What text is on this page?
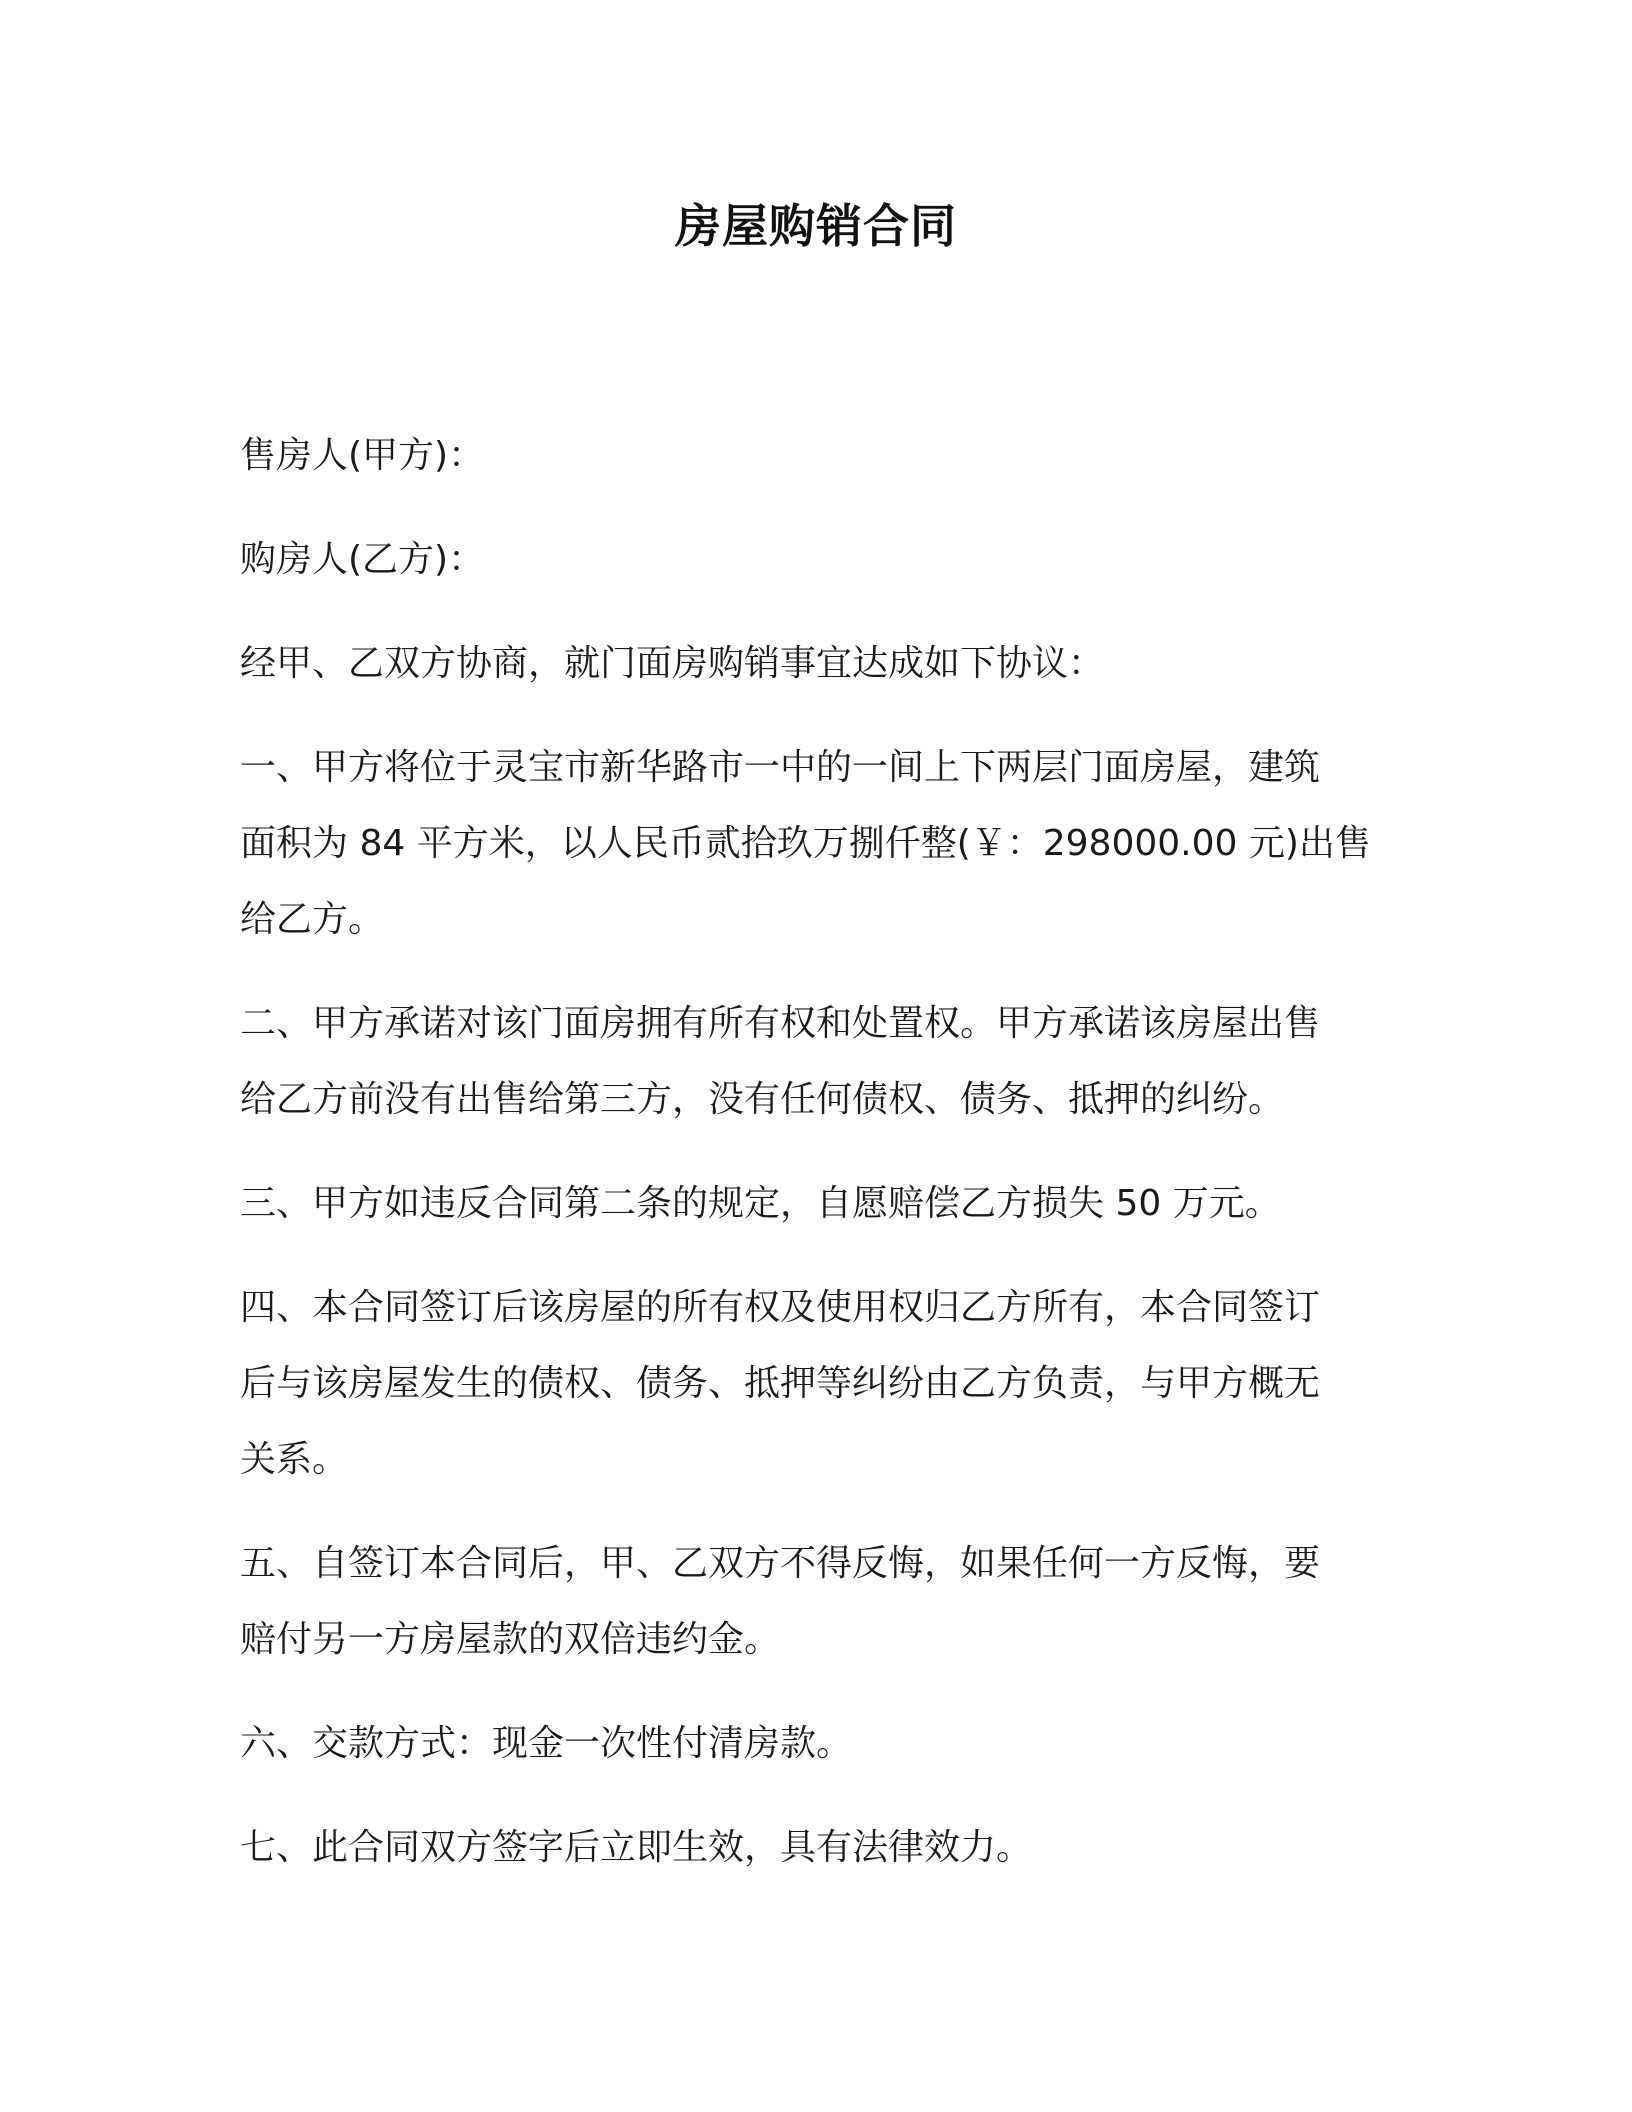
房屋购销合同

售房人(甲方)：

购房人(乙方)：

经甲、乙双方协商，就门面房购销事宜达成如下协议：

一、甲方将位于灵宝市新华路市一中的一间上下两层门面房屋，建筑
面积为 84 平方米，以人民币贰拾玖万捌仟整(￥：298000.00 元)出售
给乙方。

二、甲方承诺对该门面房拥有所有权和处置权。甲方承诺该房屋出售
给乙方前没有出售给第三方，没有任何债权、债务、抵押的纠纷。

三、甲方如违反合同第二条的规定，自愿赔偿乙方损失 50 万元。

四、本合同签订后该房屋的所有权及使用权归乙方所有，本合同签订
后与该房屋发生的债权、债务、抵押等纠纷由乙方负责，与甲方概无
关系。

五、自签订本合同后，甲、乙双方不得反悔，如果任何一方反悔，要
赔付另一方房屋款的双倍违约金。

六、交款方式：现金一次性付清房款。

七、此合同双方签字后立即生效，具有法律效力。
